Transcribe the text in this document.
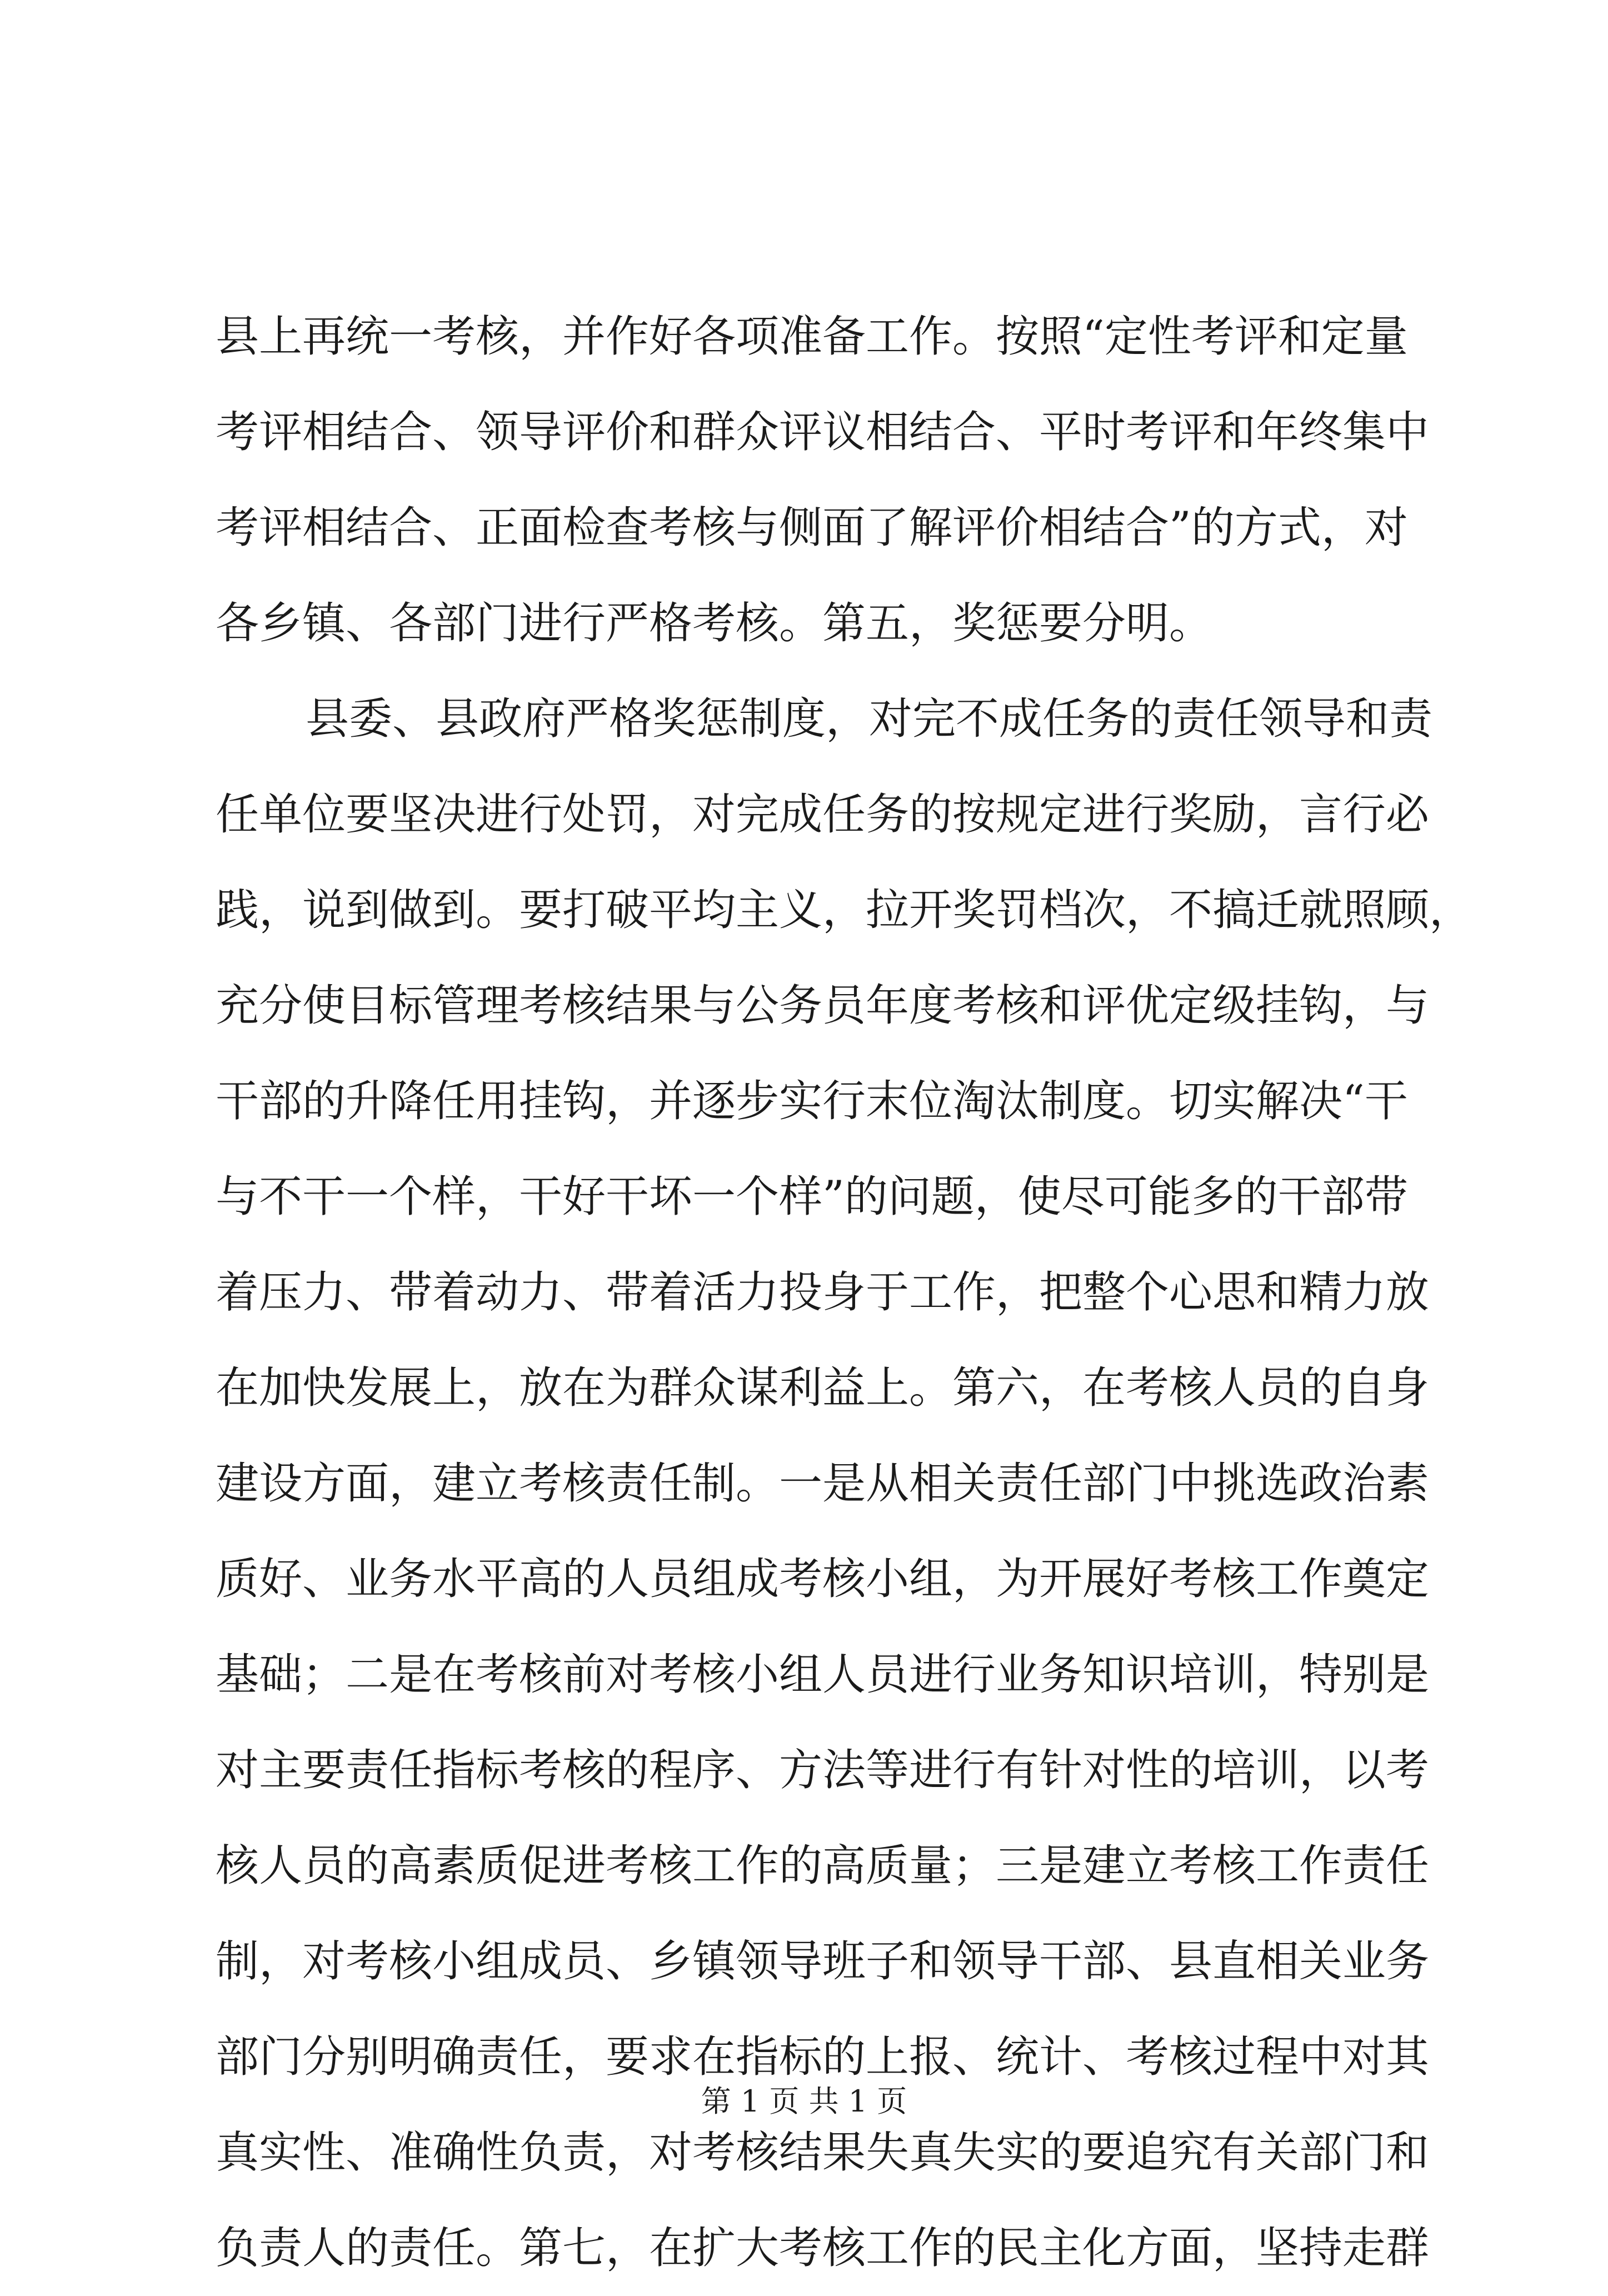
县上再统一考核，并作好各项准备工作。按照“定性考评和定量
考评相结合、领导评价和群众评议相结合、平时考评和年终集中
考评相结合、正面检查考核与侧面了解评价相结合”的方式，对
各乡镇、各部门进行严格考核。第五，奖惩要分明。
县委、县政府严格奖惩制度，对完不成任务的责任领导和责
任单位要坚决进行处罚，对完成任务的按规定进行奖励，言行必
践，说到做到。要打破平均主义，拉开奖罚档次，不搞迁就照顾，
充分使目标管理考核结果与公务员年度考核和评优定级挂钩，与
干部的升降任用挂钩，并逐步实行末位淘汰制度。切实解决“干
与不干一个样，干好干坏一个样”的问题，使尽可能多的干部带
着压力、带着动力、带着活力投身于工作，把整个心思和精力放
在加快发展上，放在为群众谋利益上。第六，在考核人员的自身
建设方面，建立考核责任制。一是从相关责任部门中挑选政治素
质好、业务水平高的人员组成考核小组，为开展好考核工作奠定
基础；二是在考核前对考核小组人员进行业务知识培训，特别是
对主要责任指标考核的程序、方法等进行有针对性的培训，以考
核人员的高素质促进考核工作的高质量；三是建立考核工作责任
制，对考核小组成员、乡镇领导班子和领导干部、县直相关业务
部门分别明确责任，要求在指标的上报、统计、考核过程中对其
真实性、准确性负责，对考核结果失真失实的要追究有关部门和
负责人的责任。第七，在扩大考核工作的民主化方面，坚持走群
第 1 页 共 1 页
